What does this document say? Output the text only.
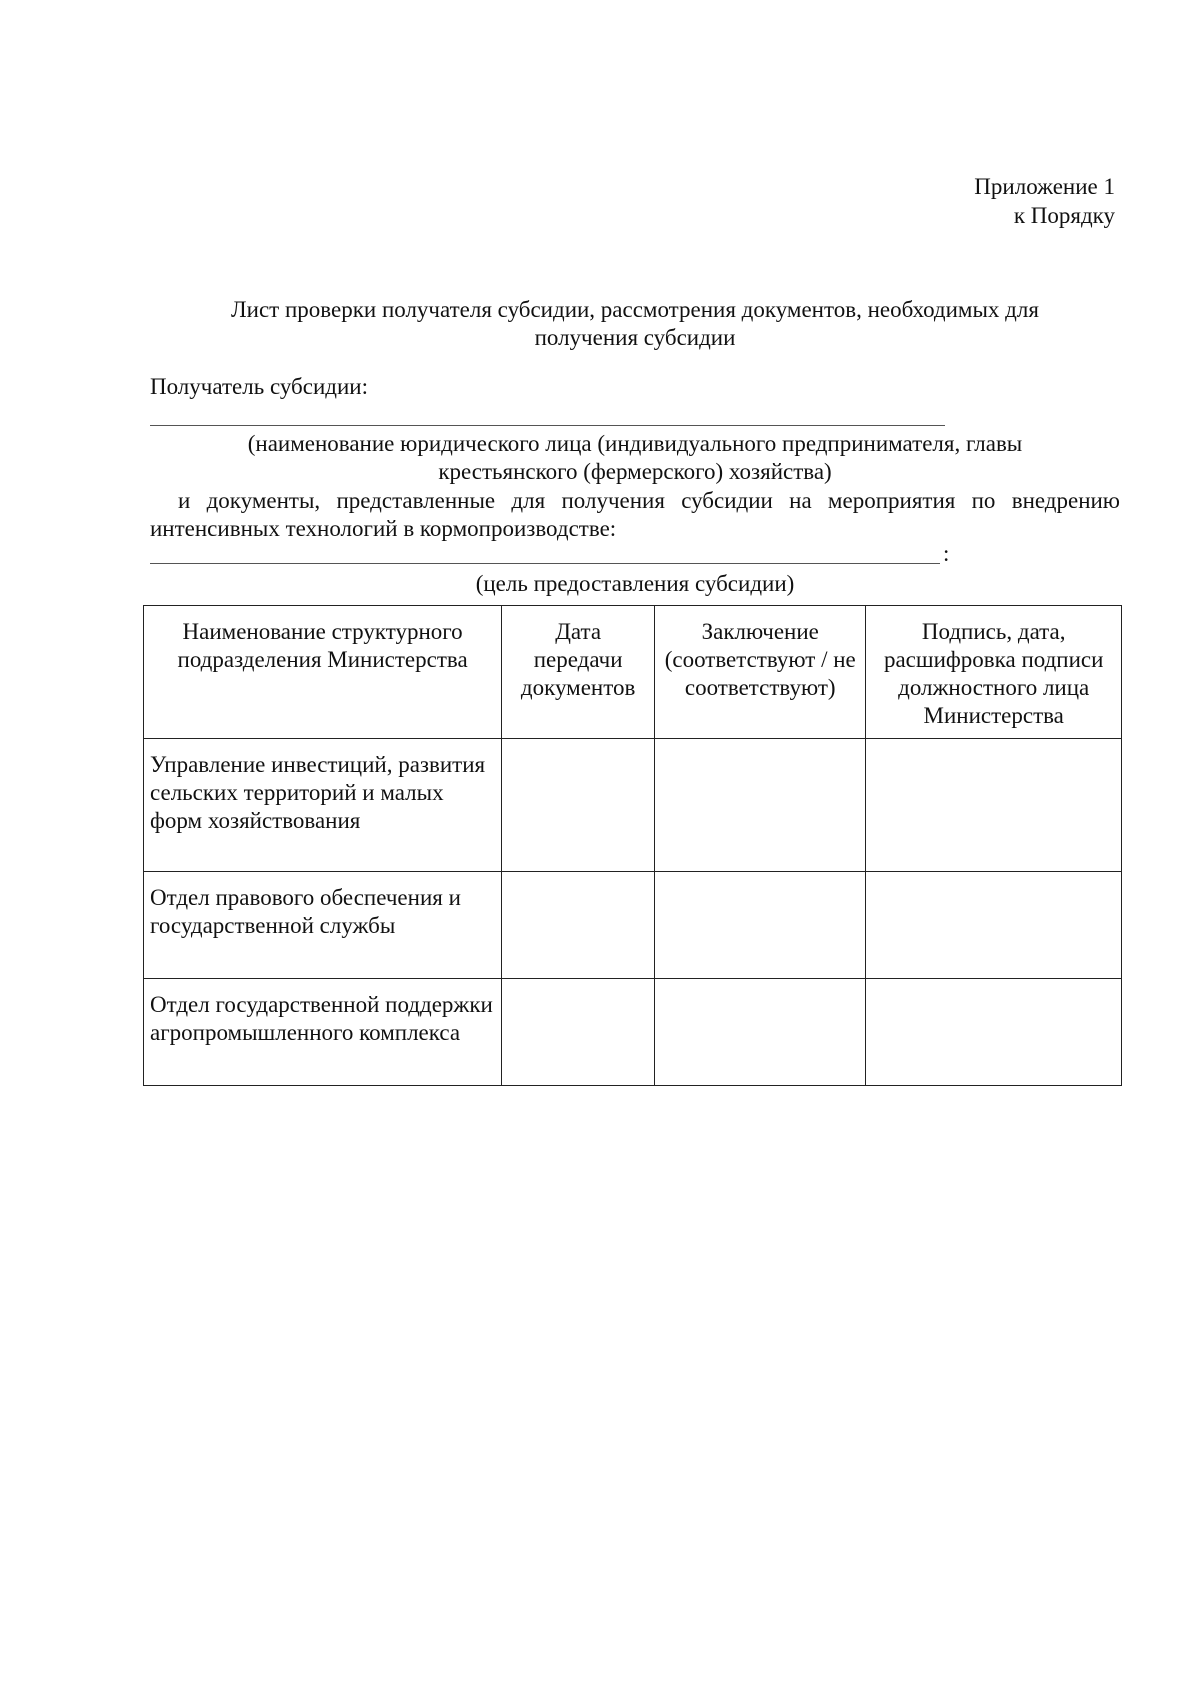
Приложение 1
к Порядку
Лист проверки получателя субсидии, рассмотрения документов, необходимых для
получения субсидии
Получатель субсидии:
(наименование юридического лица (индивидуального предпринимателя, главы
крестьянского (фермерского) хозяйства)
и документы, представленные для получения субсидии на мероприятия по внедрению интенсивных технологий в кормопроизводстве:
:
(цель предоставления субсидии)
Наименование структурного подразделения Министерства	Дата передачи документов	Заключение (соответствуют / не соответствуют)	Подпись, дата, расшифровка подписи должностного лица Министерства
Управление инвестиций, развития сельских территорий и малых форм хозяйствования			
Отдел правового обеспечения и государственной службы			
Отдел государственной поддержки агропромышленного комплекса			
